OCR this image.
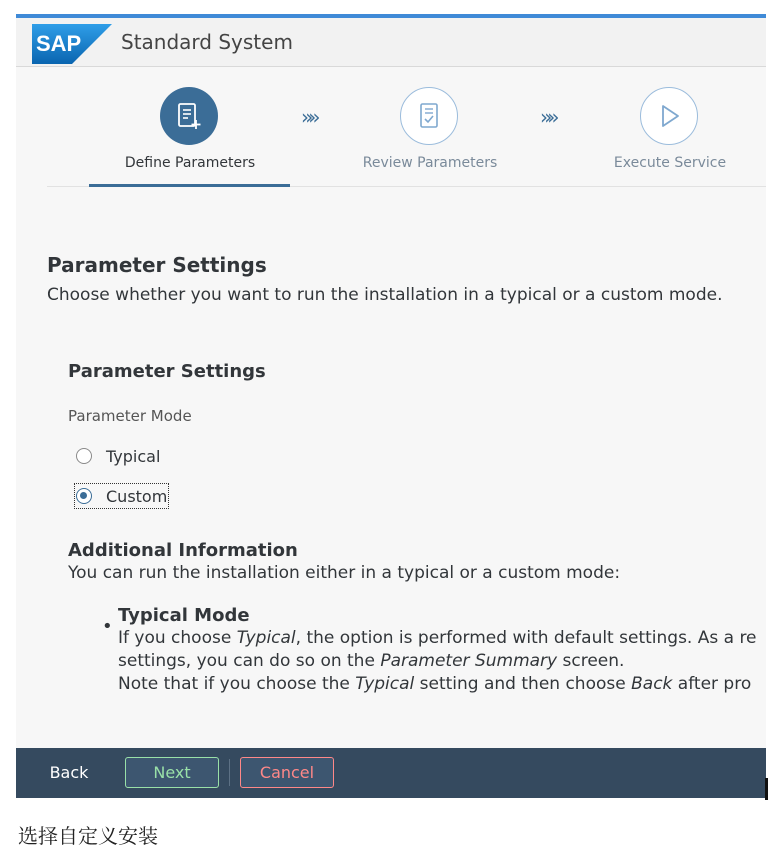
SAP Standard System
Define Parameters
»»
Review Parameters
»»
Execute Service
Parameter Settings
Choose whether you want to run the installation in a typical or a custom mode.
Parameter Settings
Parameter Mode
Typical
Custom
Additional Information
You can run the installation either in a typical or a custom mode:
•
Typical Mode
If you choose Typical, the option is performed with default settings. As a re
settings, you can do so on the Parameter Summary screen.
Note that if you choose the Typical setting and then choose Back after pro
Back	Next	Cancel
选择自定义安装
